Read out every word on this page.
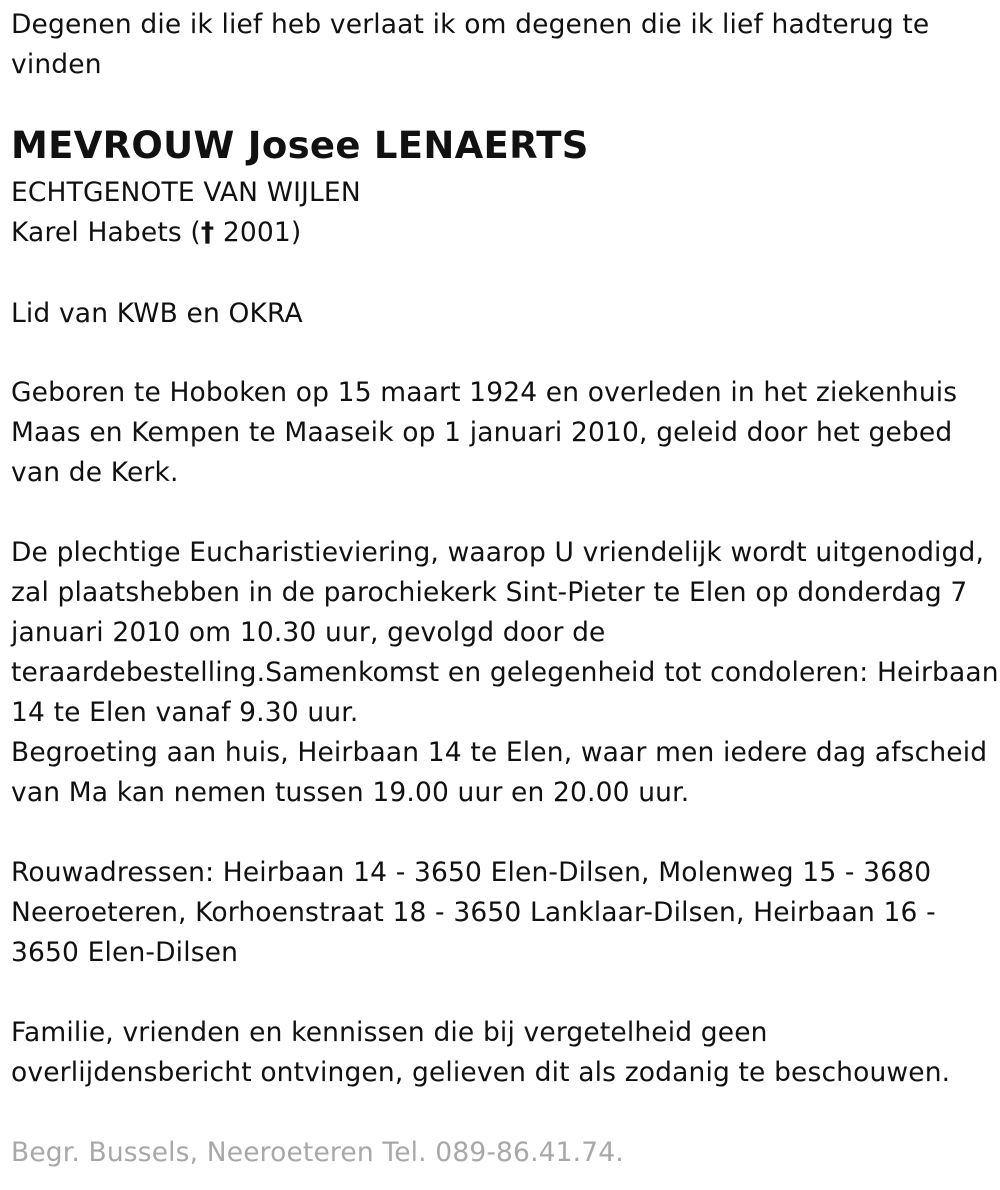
Degenen die ik lief heb verlaat ik om degenen die ik lief hadterug te vinden

MEVROUW Josee LENAERTS

ECHTGENOTE VAN WIJLEN

Karel Habets († 2001)

Lid van KWB en OKRA

Geboren te Hoboken op 15 maart 1924 en overleden in het ziekenhuis Maas en Kempen te Maaseik op 1 januari 2010, geleid door het gebed van de Kerk.

De plechtige Eucharistieviering, waarop U vriendelijk wordt uitgenodigd, zal plaatshebben in de parochiekerk Sint-Pieter te Elen op donderdag 7 januari 2010 om 10.30 uur, gevolgd door de teraardebestelling.Samenkomst en gelegenheid tot condoleren: Heirbaan 14 te Elen vanaf 9.30 uur.
Begroeting aan huis, Heirbaan 14 te Elen, waar men iedere dag afscheid van Ma kan nemen tussen 19.00 uur en 20.00 uur.

Rouwadressen: Heirbaan 14 - 3650 Elen-Dilsen, Molenweg 15 - 3680 Neeroeteren, Korhoenstraat 18 - 3650 Lanklaar-Dilsen, Heirbaan 16 - 3650 Elen-Dilsen

Familie, vrienden en kennissen die bij vergetelheid geen overlijdensbericht ontvingen, gelieven dit als zodanig te beschouwen.

Begr. Bussels, Neeroeteren Tel. 089-86.41.74.
